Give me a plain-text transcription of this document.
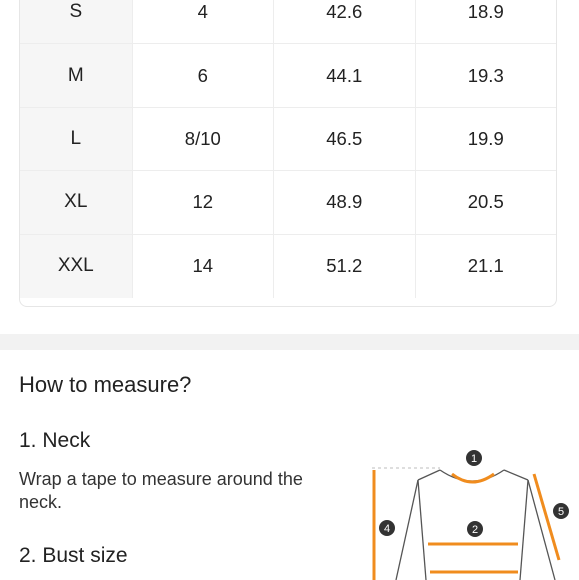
S	4	42.6	18.9
M	6	44.1	19.3
L	8/10	46.5	19.9
XL	12	48.9	20.5
XXL	14	51.2	21.1
How to measure?
1. Neck
Wrap a tape to measure around the neck.
2. Bust size
1
2
4
5
